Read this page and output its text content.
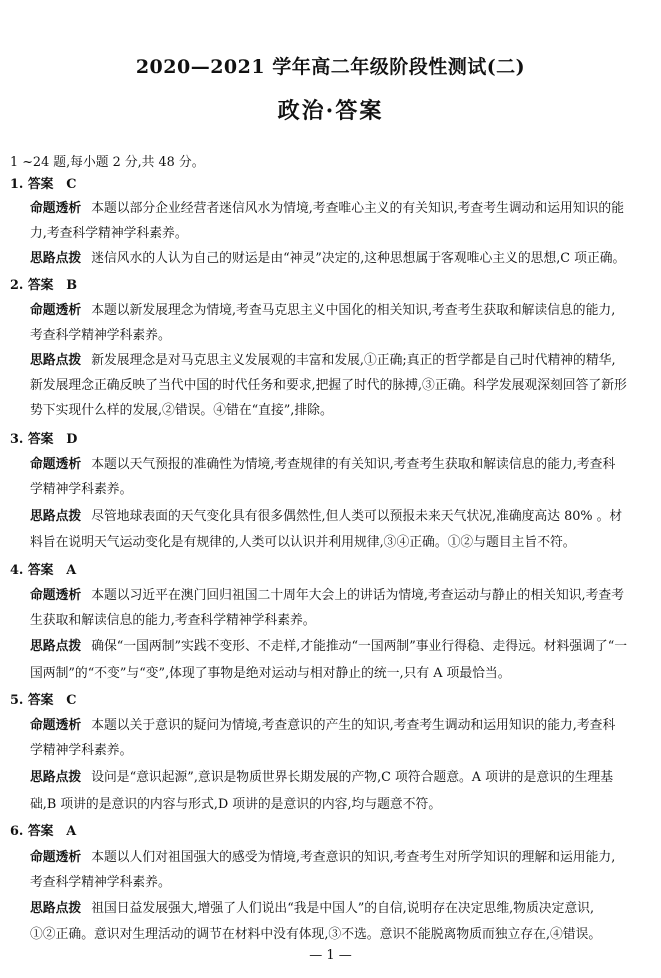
2020—2021 学年高二年级阶段性测试(二)
政治·答案
1 ~24 题,每小题 2 分,共 48 分。
1. 答案　C
命题透析 本题以部分企业经营者迷信风水为情境,考查唯心主义的有关知识,考查考生调动和运用知识的能
力,考查科学精神学科素养。
思路点拨 迷信风水的人认为自己的财运是由“神灵”决定的,这种思想属于客观唯心主义的思想,C 项正确。
2. 答案　B
命题透析 本题以新发展理念为情境,考查马克思主义中国化的相关知识,考查考生获取和解读信息的能力,
考查科学精神学科素养。
思路点拨 新发展理念是对马克思主义发展观的丰富和发展,①正确;真正的哲学都是自己时代精神的精华,
新发展理念正确反映了当代中国的时代任务和要求,把握了时代的脉搏,③正确。科学发展观深刻回答了新形
势下实现什么样的发展,②错误。④错在“直接”,排除。
3. 答案　D
命题透析 本题以天气预报的准确性为情境,考查规律的有关知识,考查考生获取和解读信息的能力,考查科
学精神学科素养。
思路点拨 尽管地球表面的天气变化具有很多偶然性,但人类可以预报未来天气状况,准确度高达 80% 。材
料旨在说明天气运动变化是有规律的,人类可以认识并利用规律,③④正确。①②与题目主旨不符。
4. 答案　A
命题透析 本题以习近平在澳门回归祖国二十周年大会上的讲话为情境,考查运动与静止的相关知识,考查考
生获取和解读信息的能力,考查科学精神学科素养。
思路点拨 确保“一国两制”实践不变形、不走样,才能推动“一国两制”事业行得稳、走得远。材料强调了“一
国两制”的“不变”与“变”,体现了事物是绝对运动与相对静止的统一,只有 A 项最恰当。
5. 答案　C
命题透析 本题以关于意识的疑问为情境,考查意识的产生的知识,考查考生调动和运用知识的能力,考查科
学精神学科素养。
思路点拨 设问是“意识起源”,意识是物质世界长期发展的产物,C 项符合题意。A 项讲的是意识的生理基
础,B 项讲的是意识的内容与形式,D 项讲的是意识的内容,均与题意不符。
6. 答案　A
命题透析 本题以人们对祖国强大的感受为情境,考查意识的知识,考查考生对所学知识的理解和运用能力,
考查科学精神学科素养。
思路点拨 祖国日益发展强大,增强了人们说出“我是中国人”的自信,说明存在决定思维,物质决定意识,
①②正确。意识对生理活动的调节在材料中没有体现,③不选。意识不能脱离物质而独立存在,④错误。
— 1 —
